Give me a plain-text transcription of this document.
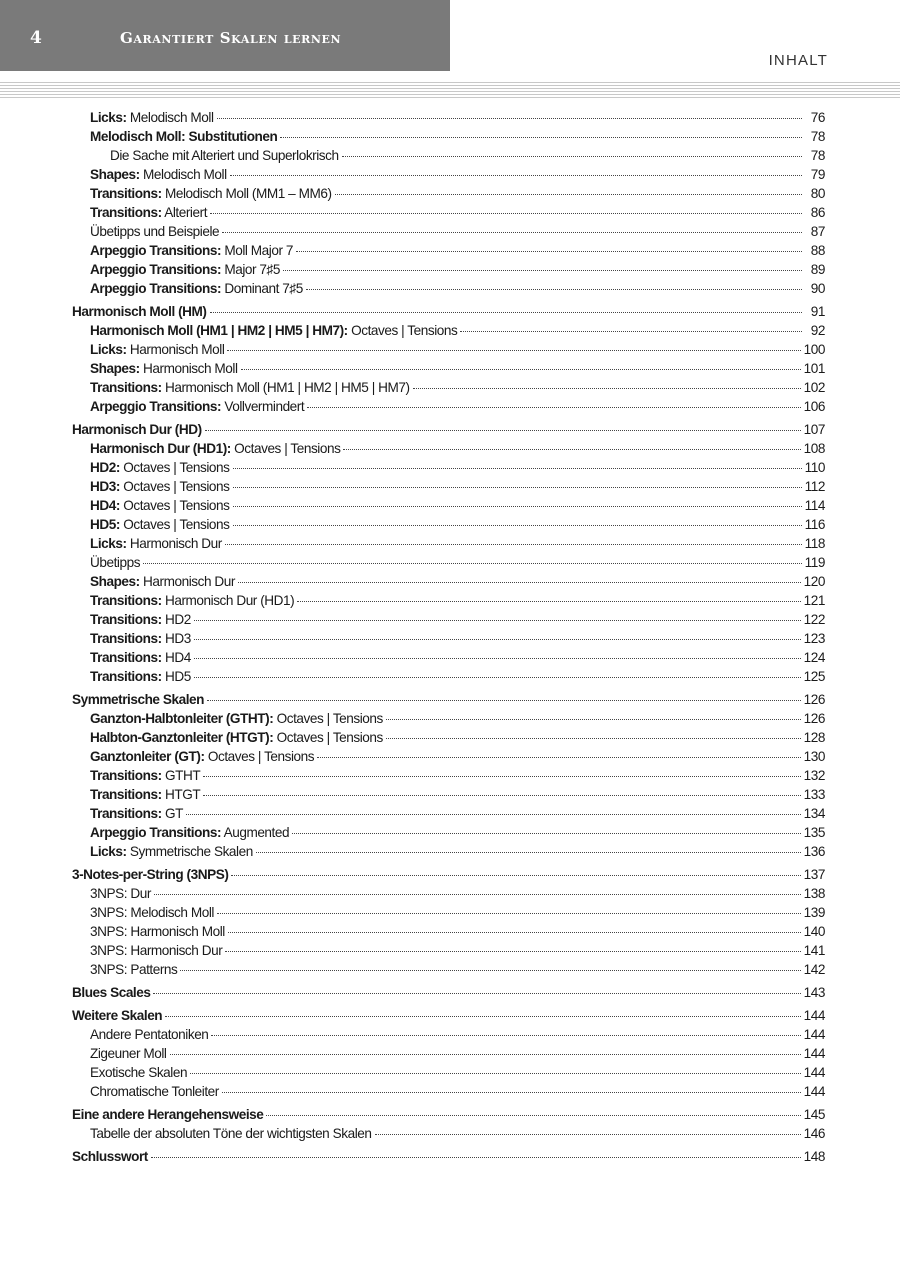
4	Garantiert Skalen lernen
INHALT
Licks: Melodisch Moll	76
Melodisch Moll: Substitutionen	78
Die Sache mit Alteriert und Superlokrisch	78
Shapes: Melodisch Moll	79
Transitions: Melodisch Moll (MM1 – MM6)	80
Transitions: Alteriert	86
Übetipps und Beispiele	87
Arpeggio Transitions: Moll Major 7	88
Arpeggio Transitions: Major 7♯5	89
Arpeggio Transitions: Dominant 7♯5	90
Harmonisch Moll (HM)	91
Harmonisch Moll (HM1 | HM2 | HM5 | HM7): Octaves | Tensions	92
Licks: Harmonisch Moll	100
Shapes: Harmonisch Moll	101
Transitions: Harmonisch Moll (HM1 | HM2 | HM5 | HM7)	102
Arpeggio Transitions: Vollvermindert	106
Harmonisch Dur (HD)	107
Harmonisch Dur (HD1): Octaves | Tensions	108
HD2: Octaves | Tensions	110
HD3: Octaves | Tensions	112
HD4: Octaves | Tensions	114
HD5: Octaves | Tensions	116
Licks: Harmonisch Dur	118
Übetipps	119
Shapes: Harmonisch Dur	120
Transitions: Harmonisch Dur (HD1)	121
Transitions: HD2	122
Transitions: HD3	123
Transitions: HD4	124
Transitions: HD5	125
Symmetrische Skalen	126
Ganzton-Halbtonleiter (GTHT): Octaves | Tensions	126
Halbton-Ganztonleiter (HTGT): Octaves | Tensions	128
Ganztonleiter (GT): Octaves | Tensions	130
Transitions: GTHT	132
Transitions: HTGT	133
Transitions: GT	134
Arpeggio Transitions: Augmented	135
Licks: Symmetrische Skalen	136
3-Notes-per-String (3NPS)	137
3NPS: Dur	138
3NPS: Melodisch Moll	139
3NPS: Harmonisch Moll	140
3NPS: Harmonisch Dur	141
3NPS: Patterns	142
Blues Scales	143
Weitere Skalen	144
Andere Pentatoniken	144
Zigeuner Moll	144
Exotische Skalen	144
Chromatische Tonleiter	144
Eine andere Herangehensweise	145
Tabelle der absoluten Töne der wichtigsten Skalen	146
Schlusswort	148
